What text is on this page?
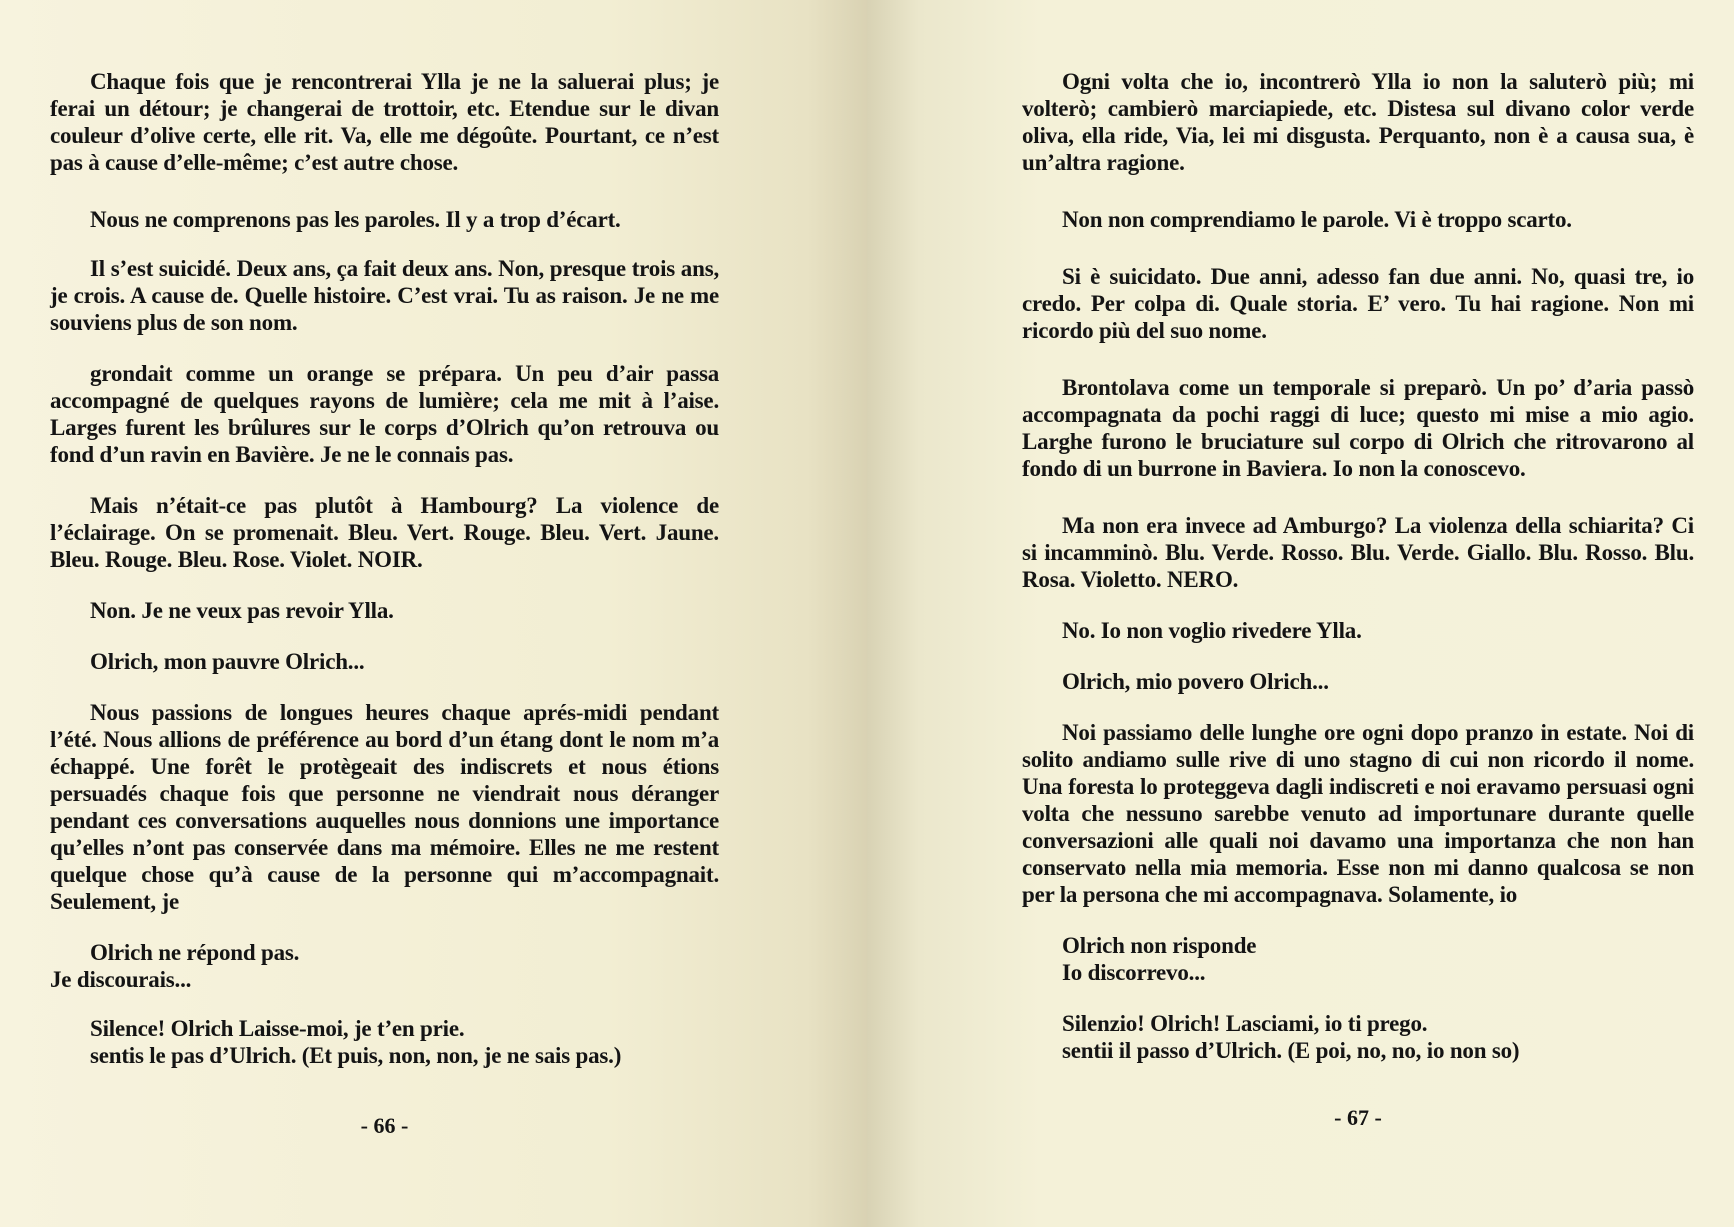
Chaque fois que je rencontrerai Ylla je ne la saluerai plus; je ferai un détour; je changerai de trottoir, etc. Etendue sur le divan couleur d’olive certe, elle rit. Va, elle me dégoûte. Pourtant, ce n’est pas à cause d’elle-même; c’est autre chose.

Nous ne comprenons pas les paroles. Il y a trop d’écart.

Il s’est suicidé. Deux ans, ça fait deux ans. Non, presque trois ans, je crois. A cause de. Quelle histoire. C’est vrai. Tu as raison. Je ne me souviens plus de son nom.

grondait comme un orange se prépara. Un peu d’air passa accompagné de quelques rayons de lumière; cela me mit à l’aise. Larges furent les brûlures sur le corps d’Olrich qu’on retrouva ou fond d’un ravin en Bavière. Je ne le connais pas.

Mais n’était-ce pas plutôt à Hambourg? La violence de l’éclairage. On se promenait. Bleu. Vert. Rouge. Bleu. Vert. Jaune. Bleu. Rouge. Bleu. Rose. Violet. NOIR.

Non. Je ne veux pas revoir Ylla.

Olrich, mon pauvre Olrich...

Nous passions de longues heures chaque aprés-midi pendant l’été. Nous allions de préférence au bord d’un étang dont le nom m’a échappé. Une forêt le protègeait des indiscrets et nous étions persuadés chaque fois que personne ne viendrait nous déranger pendant ces conversations auquelles nous donnions une importance qu’elles n’ont pas conservée dans ma mémoire. Elles ne me restent quelque chose qu’à cause de la personne qui m’accompagnait. Seulement, je

Olrich ne répond pas.

Je discourais...

Silence! Olrich Laisse-moi, je t’en prie.

sentis le pas d’Ulrich. (Et puis, non, non, je ne sais pas.)

- 66 -

Ogni volta che io, incontrerò Ylla io non la saluterò più; mi volterò; cambierò marciapiede, etc. Distesa sul divano color verde oliva, ella ride, Via, lei mi disgusta. Perquanto, non è a causa sua, è un’altra ragione.

Non non comprendiamo le parole. Vi è troppo scarto.

Si è suicidato. Due anni, adesso fan due anni. No, quasi tre, io credo. Per colpa di. Quale storia. E’ vero. Tu hai ragione. Non mi ricordo più del suo nome.

Brontolava come un temporale si preparò. Un po’ d’aria passò accompagnata da pochi raggi di luce; questo mi mise a mio agio. Larghe furono le bruciature sul corpo di Olrich che ritrovarono al fondo di un burrone in Baviera. Io non la conoscevo.

Ma non era invece ad Amburgo? La violenza della schiarita? Ci si incamminò. Blu. Verde. Rosso. Blu. Verde. Giallo. Blu. Rosso. Blu. Rosa. Violetto. NERO.

No. Io non voglio rivedere Ylla.

Olrich, mio povero Olrich...

Noi passiamo delle lunghe ore ogni dopo pranzo in estate. Noi di solito andiamo sulle rive di uno stagno di cui non ricordo il nome. Una foresta lo proteggeva dagli indiscreti e noi eravamo persuasi ogni volta che nessuno sarebbe venuto ad importunare durante quelle conversazioni alle quali noi davamo una importanza che non han conservato nella mia memoria. Esse non mi danno qualcosa se non per la persona che mi accompagnava. Solamente, io

Olrich non risponde

Io discorrevo...

Silenzio! Olrich! Lasciami, io ti prego.

sentii il passo d’Ulrich. (E poi, no, no, io non so)

- 67 -
